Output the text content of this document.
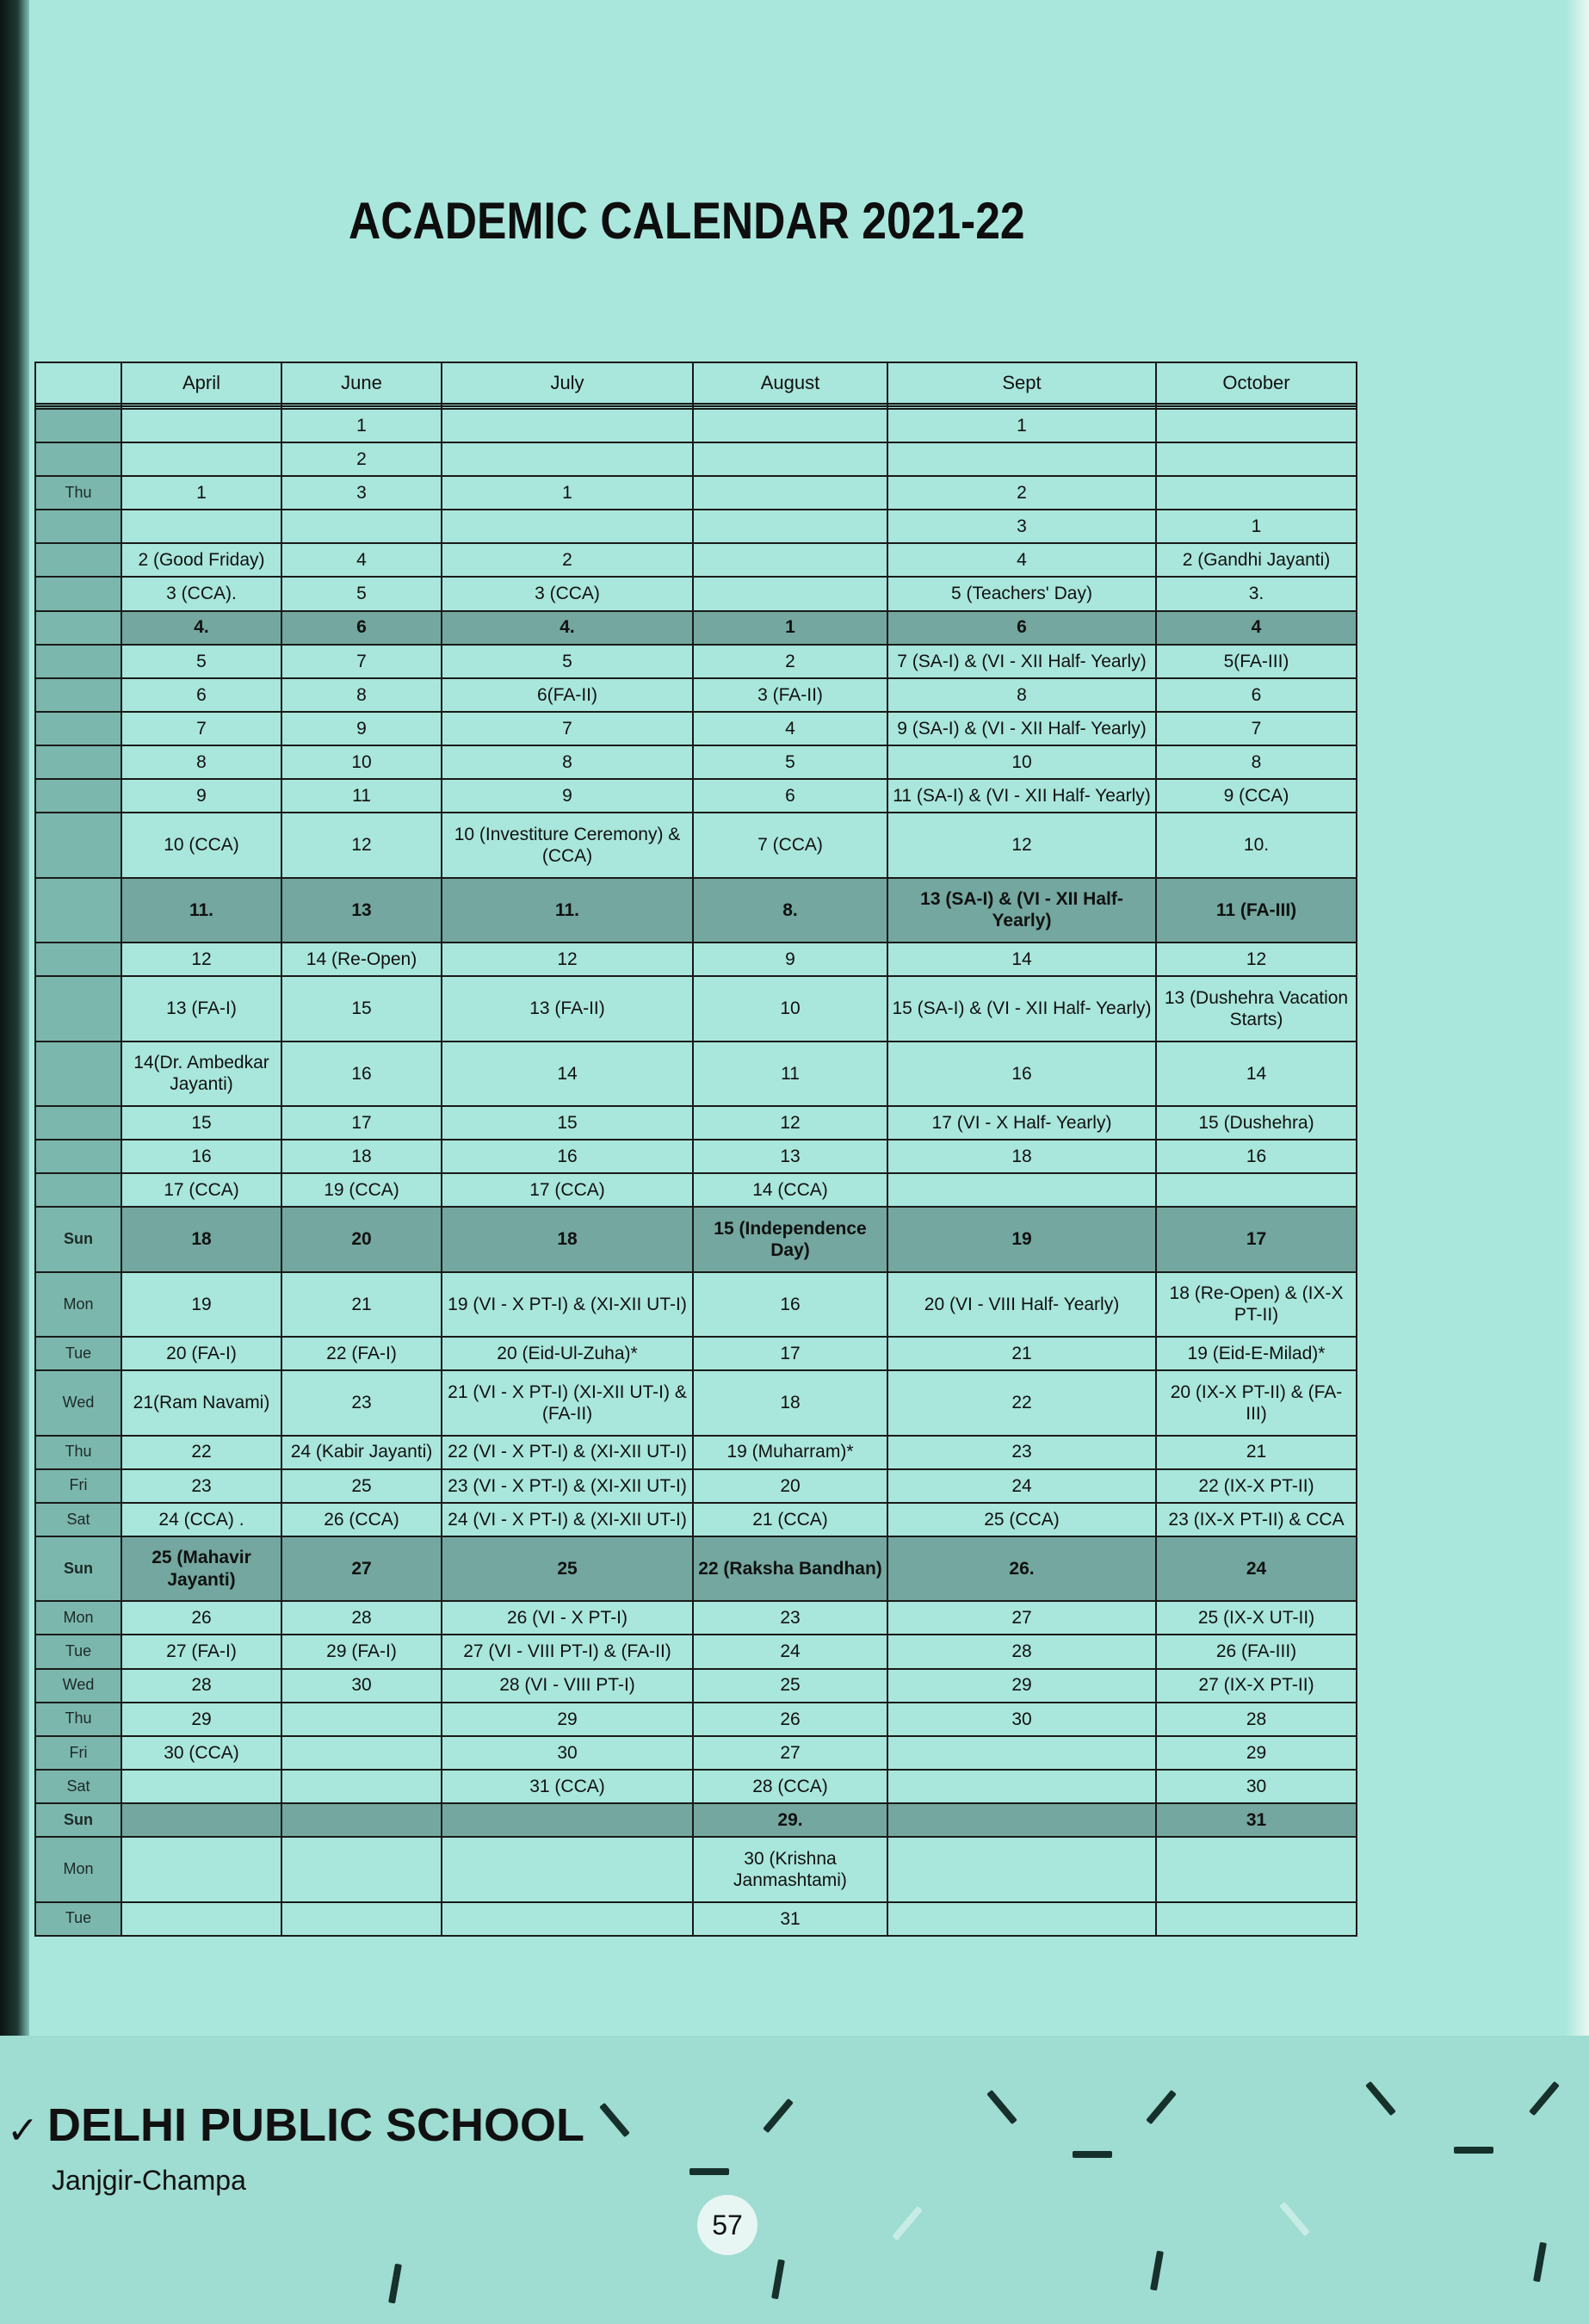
ACADEMIC CALENDAR 2021-22
	April	June	July	August	Sept	October

		1			1	
		2				
Thu	1	3	1		2	
					3	1
	2 (Good Friday)	4	2		4	2 (Gandhi Jayanti)
	3 (CCA).	5	3 (CCA)		5 (Teachers' Day)	3.
	4.	6	4.	1	6	4
	5	7	5	2	7 (SA-I) & (VI - XII Half- Yearly)	5(FA-III)
	6	8	6(FA-II)	3 (FA-II)	8	6
	7	9	7	4	9 (SA-I) & (VI - XII Half- Yearly)	7
	8	10	8	5	10	8
	9	11	9	6	11 (SA-I) & (VI - XII Half- Yearly)	9 (CCA)
	10 (CCA)	12	10 (Investiture Ceremony) & (CCA)	7 (CCA)	12	10.
	11.	13	11.	8.	13 (SA-I) & (VI - XII Half- Yearly)	11 (FA-III)
	12	14 (Re-Open)	12	9	14	12
	13 (FA-I)	15	13 (FA-II)	10	15 (SA-I) & (VI - XII Half- Yearly)	13 (Dushehra Vacation Starts)
	14(Dr. Ambedkar Jayanti)	16	14	11	16	14
	15	17	15	12	17 (VI - X Half- Yearly)	15 (Dushehra)
	16	18	16	13	18	16
	17 (CCA)	19 (CCA)	17 (CCA)	14 (CCA)		
Sun	18	20	18	15 (Independence Day)	19	17
Mon	19	21	19 (VI - X PT-I) & (XI-XII UT-I)	16	20 (VI - VIII Half- Yearly)	18 (Re-Open) & (IX-X PT-II)
Tue	20 (FA-I)	22 (FA-I)	20 (Eid-Ul-Zuha)*	17	21	19 (Eid-E-Milad)*
Wed	21(Ram Navami)	23	21 (VI - X PT-I) (XI-XII UT-I) & (FA-II)	18	22	20 (IX-X PT-II) & (FA-III)
Thu	22	24 (Kabir Jayanti)	22 (VI - X PT-I) & (XI-XII UT-I)	19 (Muharram)*	23	21
Fri	23	25	23 (VI - X PT-I) & (XI-XII UT-I)	20	24	22 (IX-X PT-II)
Sat	24 (CCA) .	26 (CCA)	24 (VI - X PT-I) & (XI-XII UT-I)	21 (CCA)	25 (CCA)	23 (IX-X PT-II) & CCA
Sun	25 (Mahavir Jayanti)	27	25	22 (Raksha Bandhan)	26.	24
Mon	26	28	26 (VI - X PT-I)	23	27	25 (IX-X UT-II)
Tue	27 (FA-I)	29 (FA-I)	27 (VI - VIII PT-I) & (FA-II)	24	28	26 (FA-III)
Wed	28	30	28 (VI - VIII PT-I)	25	29	27 (IX-X PT-II)
Thu	29		29	26	30	28
Fri	30 (CCA)		30	27		29
Sat			31 (CCA)	28 (CCA)		30
Sun				29.		31
Mon				30 (Krishna Janmashtami)		
Tue				31		
✓ DELHI PUBLIC SCHOOL
Janjgir-Champa
57
